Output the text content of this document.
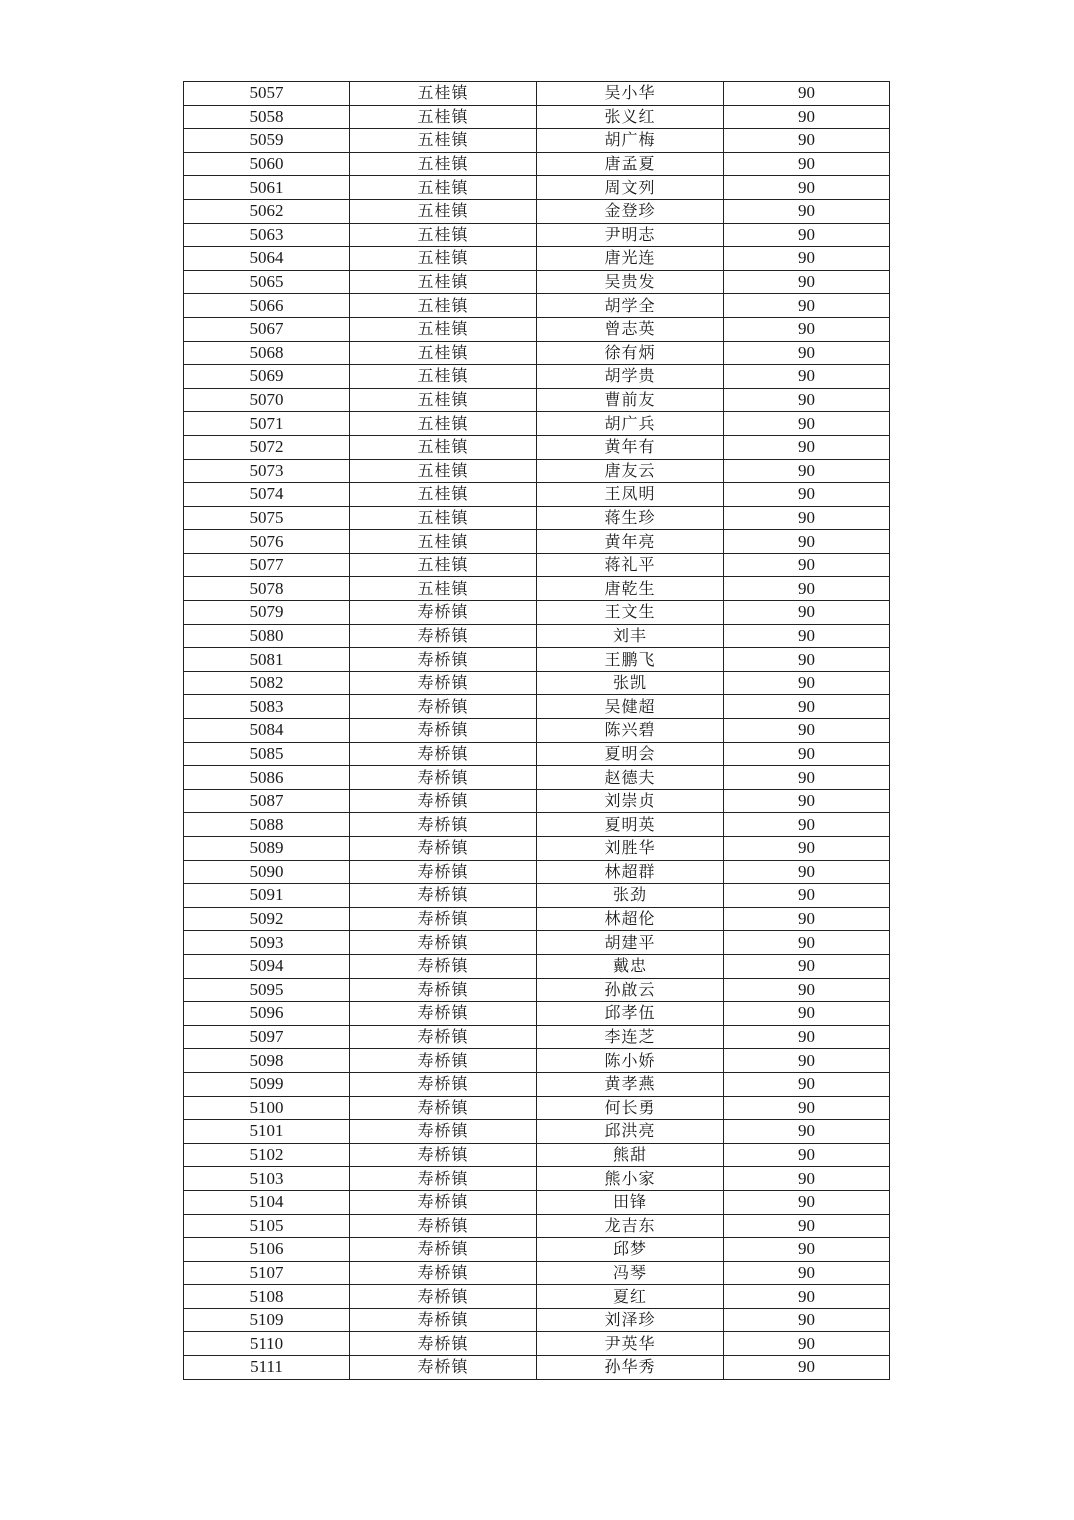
5057	五桂镇	吴小华	90
5058	五桂镇	张义红	90
5059	五桂镇	胡广梅	90
5060	五桂镇	唐孟夏	90
5061	五桂镇	周文列	90
5062	五桂镇	金登珍	90
5063	五桂镇	尹明志	90
5064	五桂镇	唐光连	90
5065	五桂镇	吴贵发	90
5066	五桂镇	胡学全	90
5067	五桂镇	曾志英	90
5068	五桂镇	徐有炳	90
5069	五桂镇	胡学贵	90
5070	五桂镇	曹前友	90
5071	五桂镇	胡广兵	90
5072	五桂镇	黄年有	90
5073	五桂镇	唐友云	90
5074	五桂镇	王凤明	90
5075	五桂镇	蒋生珍	90
5076	五桂镇	黄年亮	90
5077	五桂镇	蒋礼平	90
5078	五桂镇	唐乾生	90
5079	寿桥镇	王文生	90
5080	寿桥镇	刘丰	90
5081	寿桥镇	王鹏飞	90
5082	寿桥镇	张凯	90
5083	寿桥镇	吴健超	90
5084	寿桥镇	陈兴碧	90
5085	寿桥镇	夏明会	90
5086	寿桥镇	赵德夫	90
5087	寿桥镇	刘崇贞	90
5088	寿桥镇	夏明英	90
5089	寿桥镇	刘胜华	90
5090	寿桥镇	林超群	90
5091	寿桥镇	张劲	90
5092	寿桥镇	林超伦	90
5093	寿桥镇	胡建平	90
5094	寿桥镇	戴忠	90
5095	寿桥镇	孙啟云	90
5096	寿桥镇	邱孝伍	90
5097	寿桥镇	李连芝	90
5098	寿桥镇	陈小娇	90
5099	寿桥镇	黄孝燕	90
5100	寿桥镇	何长勇	90
5101	寿桥镇	邱洪亮	90
5102	寿桥镇	熊甜	90
5103	寿桥镇	熊小家	90
5104	寿桥镇	田锋	90
5105	寿桥镇	龙吉东	90
5106	寿桥镇	邱梦	90
5107	寿桥镇	冯琴	90
5108	寿桥镇	夏红	90
5109	寿桥镇	刘泽珍	90
5110	寿桥镇	尹英华	90
5111	寿桥镇	孙华秀	90
